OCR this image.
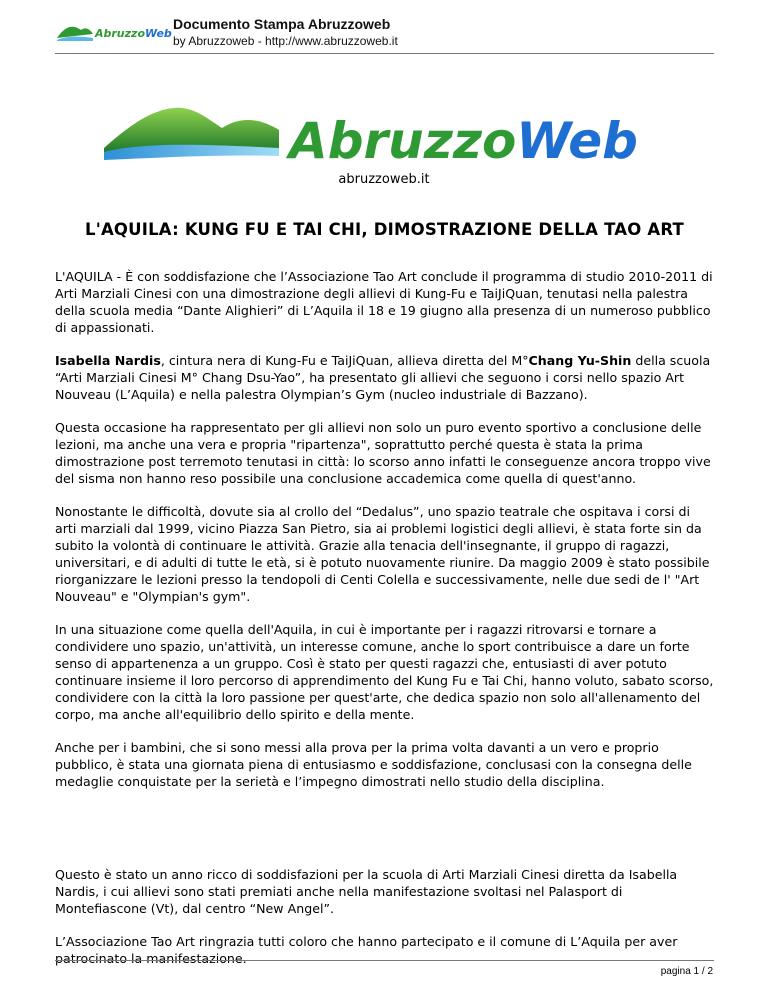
AbruzzoWeb
Documento Stampa Abruzzoweb
by Abruzzoweb - http://www.abruzzoweb.it
AbruzzoWeb
abruzzoweb.it
L'AQUILA: KUNG FU E TAI CHI, DIMOSTRAZIONE DELLA TAO ART

L'AQUILA - È con soddisfazione che l’Associazione Tao Art conclude il programma di studio 2010-2011 di Arti Marziali Cinesi con una dimostrazione degli allievi di Kung-Fu e TaiJiQuan, tenutasi nella palestra della scuola media “Dante Alighieri” di L’Aquila il 18 e 19 giugno alla presenza di un numeroso pubblico di appassionati.

Isabella Nardis, cintura nera di Kung-Fu e TaiJiQuan, allieva diretta del M°Chang Yu-Shin della scuola “Arti Marziali Cinesi M° Chang Dsu-Yao”, ha presentato gli allievi che seguono i corsi nello spazio Art Nouveau (L’Aquila) e nella palestra Olympian’s Gym (nucleo industriale di Bazzano).

Questa occasione ha rappresentato per gli allievi non solo un puro evento sportivo a conclusione delle lezioni, ma anche una vera e propria "ripartenza", soprattutto perché questa è stata la prima dimostrazione post terremoto tenutasi in città: lo scorso anno infatti le conseguenze ancora troppo vive del sisma non hanno reso possibile una conclusione accademica come quella di quest'anno.

Nonostante le difficoltà, dovute sia al crollo del “Dedalus”, uno spazio teatrale che ospitava i corsi di arti marziali dal 1999, vicino Piazza San Pietro, sia ai problemi logistici degli allievi, è stata forte sin da subito la volontà di continuare le attività. Grazie alla tenacia dell'insegnante, il gruppo di ragazzi, universitari, e di adulti di tutte le età, si è potuto nuovamente riunire. Da maggio 2009 è stato possibile riorganizzare le lezioni presso la tendopoli di Centi Colella e successivamente, nelle due sedi de l' "Art Nouveau" e "Olympian's gym".

In una situazione come quella dell'Aquila, in cui è importante per i ragazzi ritrovarsi e tornare a condividere uno spazio, un'attività, un interesse comune, anche lo sport contribuisce a dare un forte senso di appartenenza a un gruppo. Così è stato per questi ragazzi che, entusiasti di aver potuto continuare insieme il loro percorso di apprendimento del Kung Fu e Tai Chi, hanno voluto, sabato scorso, condividere con la città la loro passione per quest'arte, che dedica spazio non solo all'allenamento del corpo, ma anche all'equilibrio dello spirito e della mente.

Anche per i bambini, che si sono messi alla prova per la prima volta davanti a un vero e proprio pubblico, è stata una giornata piena di entusiasmo e soddisfazione, conclusasi con la consegna delle medaglie conquistate per la serietà e l’impegno dimostrati nello studio della disciplina.

Questo è stato un anno ricco di soddisfazioni per la scuola di Arti Marziali Cinesi diretta da Isabella Nardis, i cui allievi sono stati premiati anche nella manifestazione svoltasi nel Palasport di Montefiascone (Vt), dal centro “New Angel”.

L’Associazione Tao Art ringrazia tutti coloro che hanno partecipato e il comune di L’Aquila per aver patrocinato la manifestazione.

pagina 1 / 2
